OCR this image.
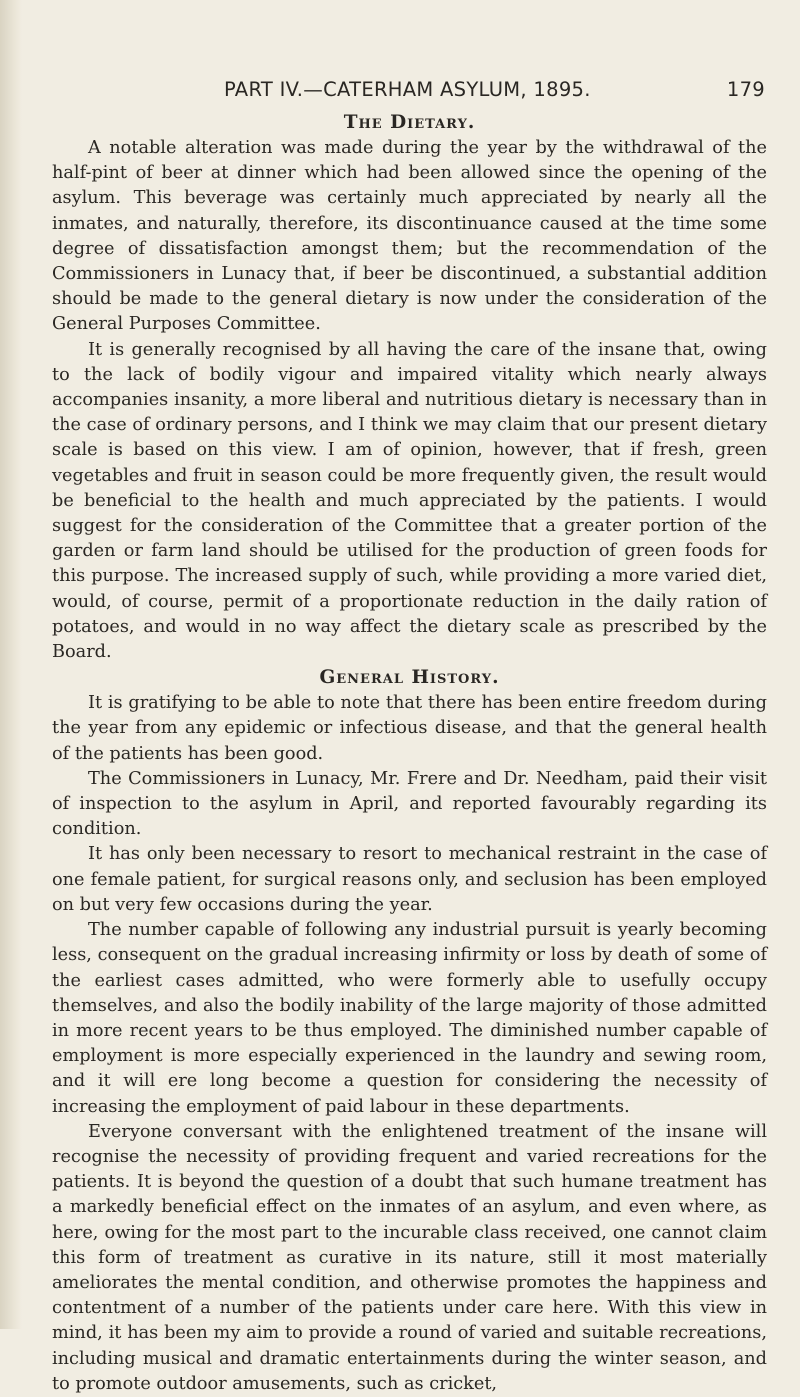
PART IV.—CATERHAM ASYLUM, 1895.	179
The Dietary.

A notable alteration was made during the year by the withdrawal of the half-pint of beer at dinner which had been allowed since the opening of the asylum. This beverage was certainly much appreciated by nearly all the inmates, and naturally, therefore, its discontinuance caused at the time some degree of dissatisfaction amongst them; but the recommendation of the Commissioners in Lunacy that, if beer be discontinued, a substantial addition should be made to the general dietary is now under the consideration of the General Purposes Committee.

It is generally recognised by all having the care of the insane that, owing to the lack of bodily vigour and impaired vitality which nearly always accompanies insanity, a more liberal and nutritious dietary is necessary than in the case of ordinary persons, and I think we may claim that our present dietary scale is based on this view. I am of opinion, however, that if fresh, green vegetables and fruit in season could be more frequently given, the result would be beneficial to the health and much appreciated by the patients. I would suggest for the consideration of the Committee that a greater portion of the garden or farm land should be utilised for the production of green foods for this purpose. The increased supply of such, while providing a more varied diet, would, of course, permit of a proportionate reduction in the daily ration of potatoes, and would in no way affect the dietary scale as prescribed by the Board.

General History.

It is gratifying to be able to note that there has been entire freedom during the year from any epidemic or infectious disease, and that the general health of the patients has been good.

The Commissioners in Lunacy, Mr. Frere and Dr. Needham, paid their visit of inspection to the asylum in April, and reported favourably regarding its condition.

It has only been necessary to resort to mechanical restraint in the case of one female patient, for surgical reasons only, and seclusion has been employed on but very few occasions during the year.

The number capable of following any industrial pursuit is yearly becoming less, consequent on the gradual increasing infirmity or loss by death of some of the earliest cases admitted, who were formerly able to usefully occupy themselves, and also the bodily inability of the large majority of those admitted in more recent years to be thus employed. The diminished number capable of employment is more especially experienced in the laundry and sewing room, and it will ere long become a question for considering the necessity of increasing the employment of paid labour in these departments.

Everyone conversant with the enlightened treatment of the insane will recognise the necessity of providing frequent and varied recreations for the patients. It is beyond the question of a doubt that such humane treatment has a markedly beneficial effect on the inmates of an asylum, and even where, as here, owing for the most part to the incurable class received, one cannot claim this form of treatment as curative in its nature, still it most materially ameliorates the mental condition, and otherwise promotes the happiness and contentment of a number of the patients under care here. With this view in mind, it has been my aim to provide a round of varied and suitable recreations, including musical and dramatic entertainments during the winter season, and to promote outdoor amusements, such as cricket,
